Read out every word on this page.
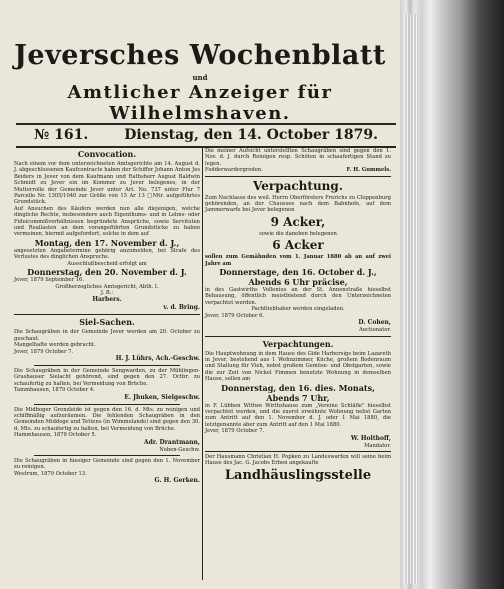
Jeversches Wochenblatt
und
Amtlicher Anzeiger für Wilhelmshaven.
№ 161.	Dienstag, den 14. October 1879.
Convocation.

Nach einem vor dem unterzeichneten Amtsgerichte am 14. August d. J. abgeschlossenen Kaufcontracte haben der Schiffer Johann Anton Jes Beiders in Jever von dem Kaufmann und Rathsherr August Baldwin Schmidt zu Jever ein im Kommer zu Jever belegenes, in der Mutterrolle der Gemeinde Jever unter Art. No. 737 unter Flur 7 Parcelle Nr. 1305/1040 zur Größe von 15 Ar 13 □Mtr. aufgeführtes Grundstück.

Auf Ansuchen des Käufers werden nun alle diejenigen, welche dingliche Rechte, insbesondere auch Eigenthums- und in Lehns- oder Fideicommißverhältnissen begründete Ansprüche, sowie Servituten und Reallasten an dem vorangeführten Grundstücke zu haben vermeinen, hiermit aufgefordert, solche in dem auf

Montag, den 17. November d. J.,

angesetzten Angabetermine gehörig anzumelden, bei Strafe des Verlustes des dinglichen Anspruchs.

Ausschlußbescheid erfolgt am
Donnerstag, den 20. November d. J.
Jever, 1879 September 16.
Großherzogliches Amtsgericht, Abth. I.
J. B.:
Harbers.
v. d. Bring.
Siel-Sachen.

Die Schaugräben in der Gemeinde Jever werden am 20. October zu geschaut.

Mangelhafte werden gebracht.
Jever, 1879 October 7.
H. J. Lührs, Ach.-Geschw.

Die Schaugräben in der Gemeinde Sengwarden, zu der Mühlingen-Grashauser Sielacht gehörend, sind gegen den 27. Octbr. zu schaufertig zu halten, bei Vermeidung von Brüche.

Tammhausen, 1879 October 4.
E. Jhuken, Sielgeschw.

Die Midboger Grenzleide ist gegen den 16. d. Mts. zu reinigen und schiffmäßig aufzuräumen. Die fehlenden Schaugräben in den Gemeinden Middoge und Tettens (in Wimmelande) sind gegen den 30. d. Mts. zu schaufertig zu halten, bei Vermeidung von Brüche.

Hammhausen, 1879 October 5.
Adr. Drantmann,
Neben-Geschw.

Die Schaugräben in hiesiger Gemeinde sind gegen den 1. November zu reinigen.

Westrum, 1879 October 13.
G. H. Gerken.

Die meiner Aufsicht unterstellten Schaugräben sind gegen den 1. Nov. d. J. durch Reinigen resp. Schöten in schaufertigen Stand zu legen.

Fedderwardergroden.	F. H. Gummels.
Verpachtung.

Zum Nachlasse des weil. Herrn Oberförsters Frerichs zu Cloppenburg gehörenden, an der Chaussee nach dem Bahnhofe, auf dem Jammerwarfe bei Jever belegenen

9 Acker,
sowie die daneben belegenen
6 Acker

sollen zum Gemähnden vom 1. Januar 1880 ab an auf zwei Jahre am

Donnerstage, den 16. October d. J.,
Abends 6 Uhr präcise,

in des Gastwirths Vollenius an der St. Annenstraße hieselbst Behausung, öffentlich meistbietend durch den Unterzeichneten verpachtet werden.

Pachtliebhaber werden eingeladen.
Jever, 1879 October 6.
D. Cohen,
Auctionator.
Verpachtungen.

Die Hauptwohnung in dem Hause des Gide Harbersigs beim Lazareth in Jever, bestehend aus 1 Wohnzimmer, Küche, großem Bodenraum und Stallung für Vieh, nebst großem Gemüse- und Obstgarten, sowie die zur Zeit von Nickel Fimmen benutzte Wohnung in demselben Hause, sollen am

Donnerstag, den 16. dies. Monats,
Abends 7 Uhr,

in F. Lübben Wittwe Wirthshause zum „Vereine Schläfle" hieselbst verpachtet werden, und die zuerst erwähnte Wohnung nebst Garten zum Antritt auf den 1. November d. J. oder 1 Mai 1880, die letztgenannte aber zum Antritt auf den 1 Mai 1880.

Jever, 1879 October 7.
W. Holthoff,
Mandator.

Der Hausmann Christian H. Popken zu Landeswarfen will seine beim Hause des Jac. G. Jacobs Erben angekaufte

Landhäuslingsstelle
